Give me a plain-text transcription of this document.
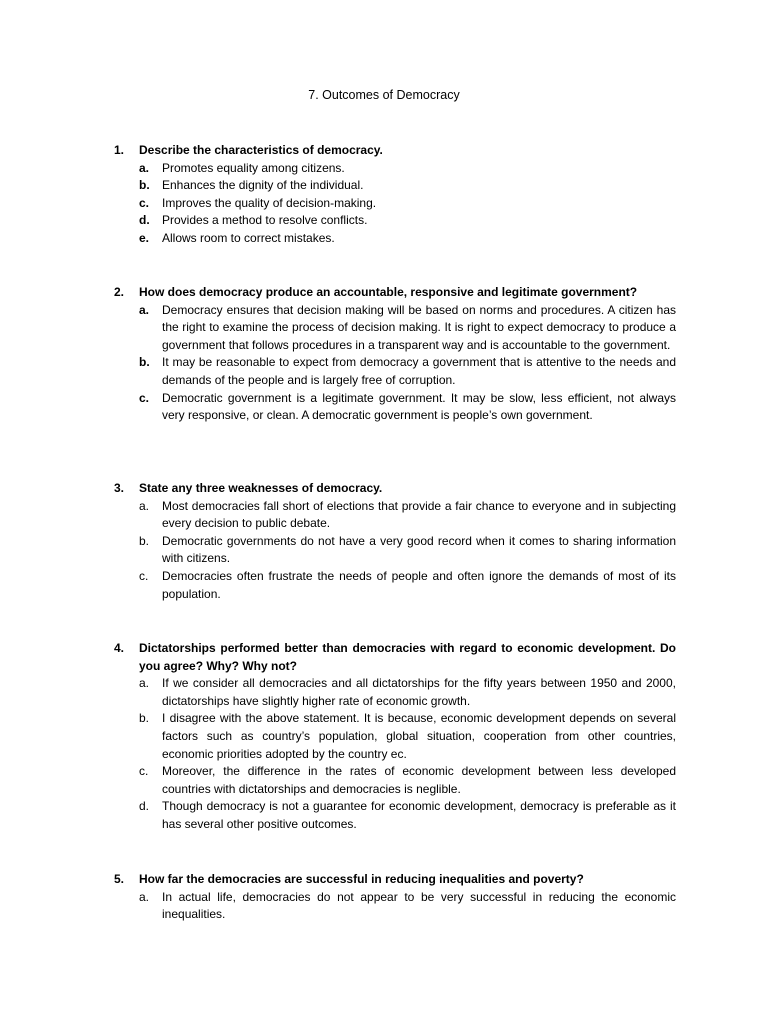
7. Outcomes of Democracy
1.	Describe the characteristics of democracy.
a.	Promotes equality among citizens.
b.	Enhances the dignity of the individual.
c.	Improves the quality of decision-making.
d.	Provides a method to resolve conflicts.
e.	Allows room to correct mistakes.
2.	How does democracy produce an accountable, responsive and legitimate government?
a.	Democracy ensures that decision making will be based on norms and procedures. A citizen has the right to examine the process of decision making. It is right to expect democracy to produce a government that follows procedures in a transparent way and is accountable to the government.
b.	It may be reasonable to expect from democracy a government that is attentive to the needs and demands of the people and is largely free of corruption.
c.	Democratic government is a legitimate government. It may be slow, less efficient, not always very responsive, or clean. A democratic government is people’s own government.
3.	State any three weaknesses of democracy.
a.	Most democracies fall short of elections that provide a fair chance to everyone and in subjecting every decision to public debate.
b.	Democratic governments do not have a very good record when it comes to sharing information with citizens.
c.	Democracies often frustrate the needs of people and often ignore the demands of most of its population.
4.	Dictatorships performed better than democracies with regard to economic development. Do you agree? Why? Why not?
a.	If we consider all democracies and all dictatorships for the fifty years between 1950 and 2000, dictatorships have slightly higher rate of economic growth.
b.	I disagree with the above statement. It is because, economic development depends on several factors such as country’s population, global situation, cooperation from other countries, economic priorities adopted by the country ec.
c.	Moreover, the difference in the rates of economic development between less developed countries with dictatorships and democracies is neglible.
d.	Though democracy is not a guarantee for economic development, democracy is preferable as it has several other positive outcomes.
5.	How far the democracies are successful in reducing inequalities and poverty?
a.	In actual life, democracies do not appear to be very successful in reducing the economic inequalities.
